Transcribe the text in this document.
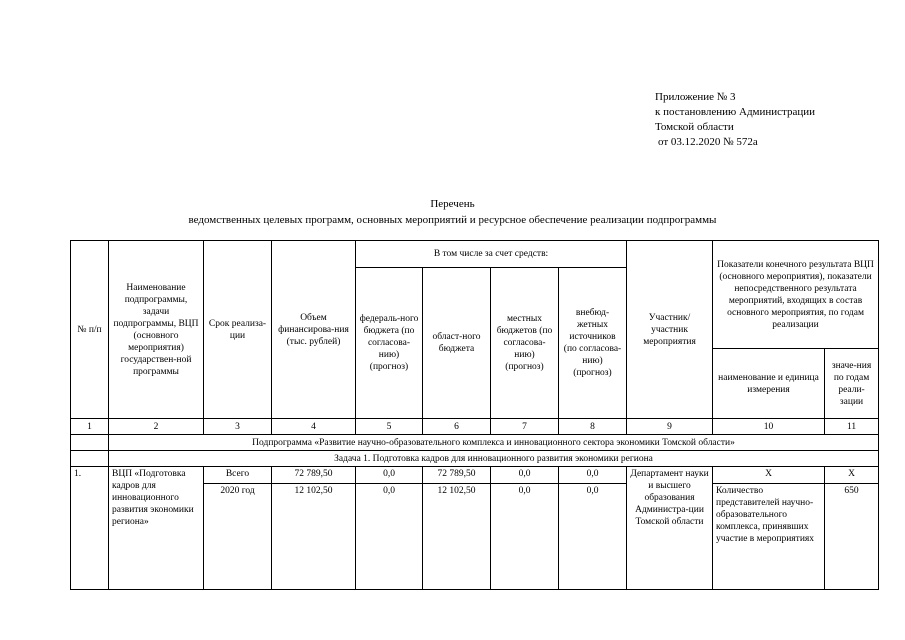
Приложение № 3
к постановлению Администрации
Томской области
от 03.12.2020 № 572а
Перечень
ведомственных целевых программ, основных мероприятий и ресурсное обеспечение реализации подпрограммы
№ п/п	Наименование подпрограммы, задачи подпрограммы, ВЦП (основного мероприятия) государствен-ной программы	Срок реализа-ции	Объем финансирова-ния (тыс. рублей)	В том числе за счет средств:				Участник/ участник мероприятия	Показатели конечного результата ВЦП (основного мероприятия), показатели непосредственного результата мероприятий, входящих в состав основного мероприятия, по годам реализации	
				федераль-ного бюджета (по согласова-нию) (прогноз)	област-ного бюджета	местных бюджетов (по согласова-нию) (прогноз)	внебюд-жетных источников (по согласова-нию) (прогноз)			
									наименование и единица измерения	значе-ния по годам реали-зации
1	2	3	4	5	6	7	8	9	10	11
	Подпрограмма «Развитие научно-образовательного комплекса и инновационного сектора экономики Томской области»									
	Задача 1. Подготовка кадров для инновационного развития экономики региона									
1.	ВЦП «Подготовка кадров для инновационного развития экономики региона»	Всего	72 789,50	0,0	72 789,50	0,0	0,0	Департамент науки и высшего образования Администра-ции Томской области	Х	Х
		2020 год	12 102,50	0,0	12 102,50	0,0	0,0		Количество представителей научно-образовательного комплекса, принявших участие в мероприятиях	650
